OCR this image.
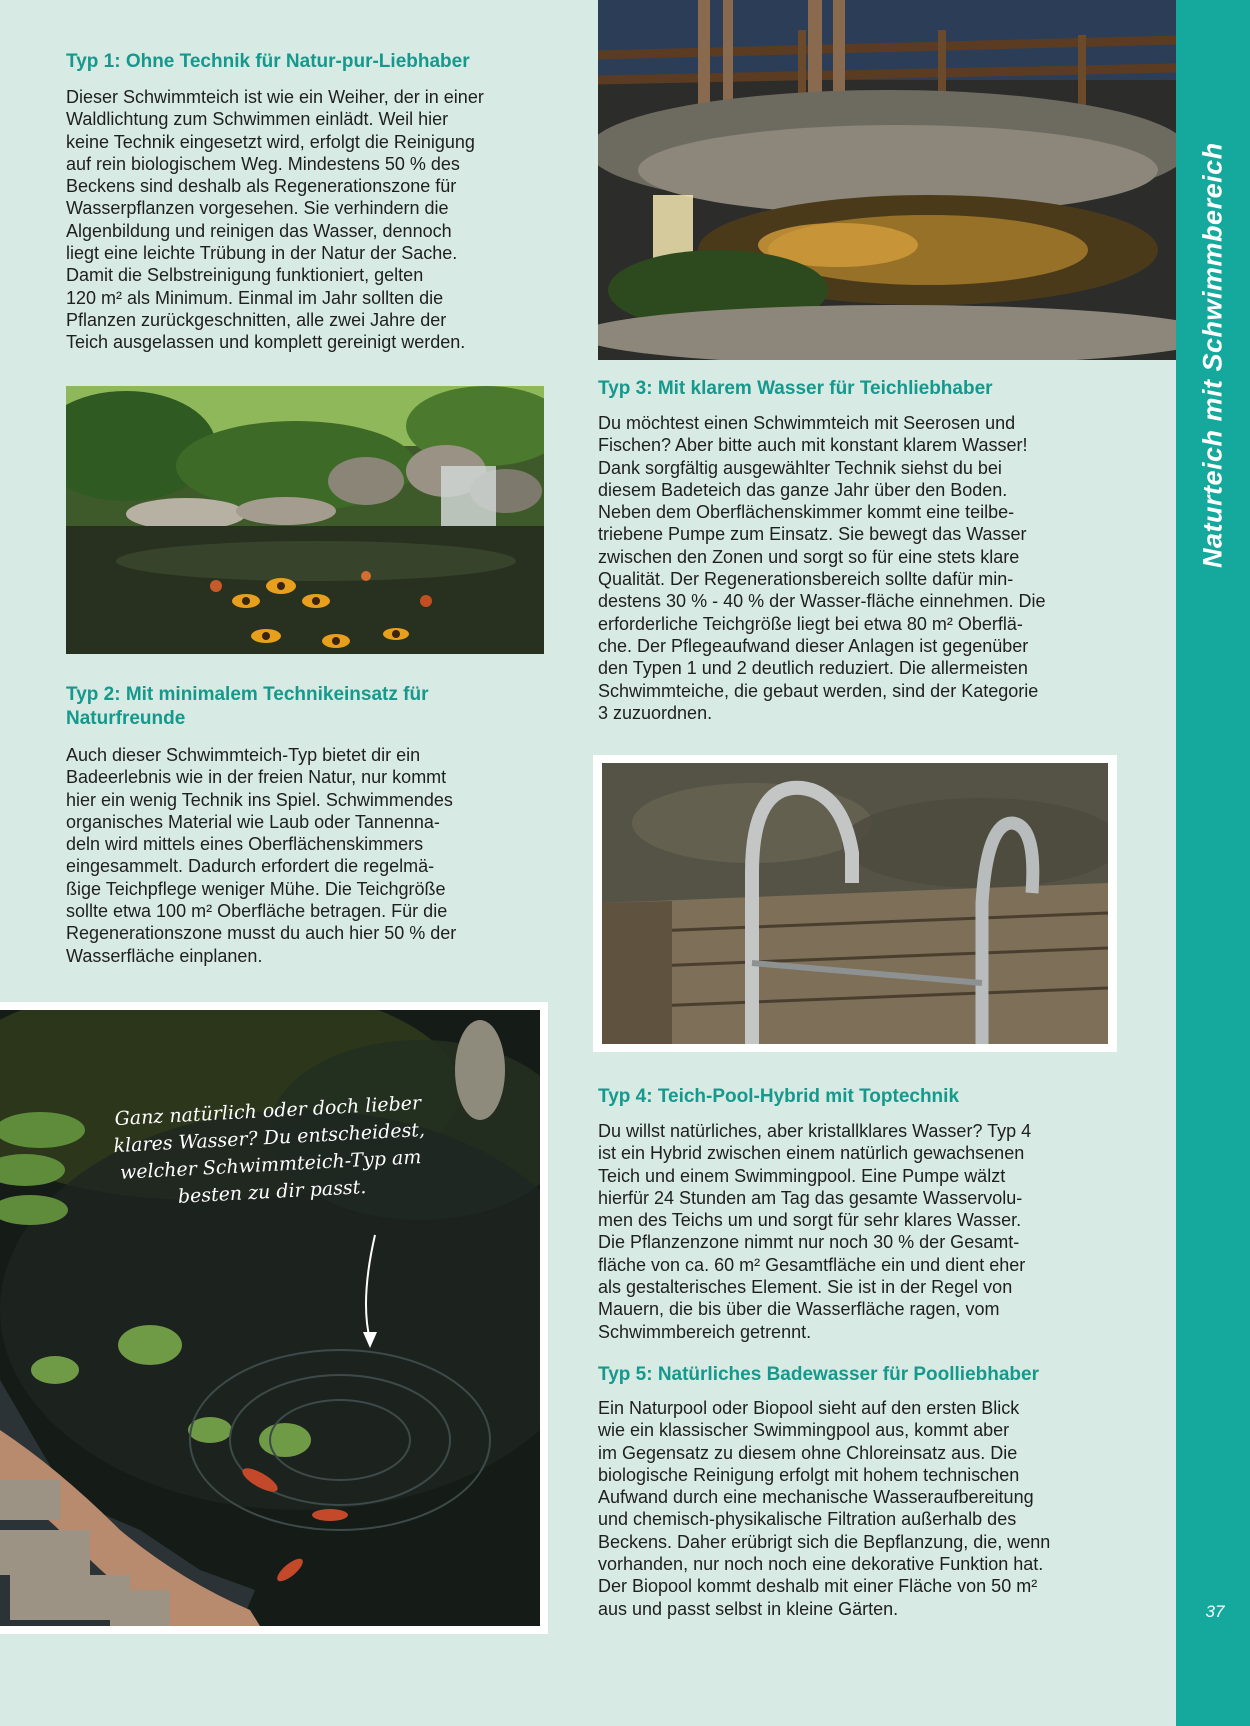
Typ 1: Ohne Technik für Natur-pur-Liebhaber

Dieser Schwimmteich ist wie ein Weiher, der in einer
Waldlichtung zum Schwimmen einlädt. Weil hier
keine Technik eingesetzt wird, erfolgt die Reinigung
auf rein biologischem Weg. Mindestens 50 % des
Beckens sind deshalb als Regenerationszone für
Wasserpflanzen vorgesehen. Sie verhindern die
Algenbildung und reinigen das Wasser, dennoch
liegt eine leichte Trübung in der Natur der Sache.
Damit die Selbstreinigung funktioniert, gelten
120 m² als Minimum. Einmal im Jahr sollten die
Pflanzen zurückgeschnitten, alle zwei Jahre der
Teich ausgelassen und komplett gereinigt werden.

Typ 2: Mit minimalem Technikeinsatz für
Naturfreunde

Auch dieser Schwimmteich-Typ bietet dir ein
Badeerlebnis wie in der freien Natur, nur kommt
hier ein wenig Technik ins Spiel. Schwimmendes
organisches Material wie Laub oder Tannenna-
deln wird mittels eines Oberflächenskimmers
eingesammelt. Dadurch erfordert die regelmä-
ßige Teichpflege weniger Mühe. Die Teichgröße
sollte etwa 100 m² Oberfläche betragen. Für die
Regenerationszone musst du auch hier 50 % der
Wasserfläche einplanen.

Typ 3: Mit klarem Wasser für Teichliebhaber

Du möchtest einen Schwimmteich mit Seerosen und
Fischen? Aber bitte auch mit konstant klarem Wasser!
Dank sorgfältig ausgewählter Technik siehst du bei
diesem Badeteich das ganze Jahr über den Boden.
Neben dem Oberflächenskimmer kommt eine teilbe-
triebene Pumpe zum Einsatz. Sie bewegt das Wasser
zwischen den Zonen und sorgt so für eine stets klare
Qualität. Der Regenerationsbereich sollte dafür min-
destens 30 % - 40 % der Wasser-fläche einnehmen. Die
erforderliche Teichgröße liegt bei etwa 80 m² Oberflä-
che. Der Pflegeaufwand dieser Anlagen ist gegenüber
den Typen 1 und 2 deutlich reduziert. Die allermeisten
Schwimmteiche, die gebaut werden, sind der Kategorie
3 zuzuordnen.

Typ 4: Teich-Pool-Hybrid mit Toptechnik

Du willst natürliches, aber kristallklares Wasser? Typ 4
ist ein Hybrid zwischen einem natürlich gewachsenen
Teich und einem Swimmingpool. Eine Pumpe wälzt
hierfür 24 Stunden am Tag das gesamte Wasservolu-
men des Teichs um und sorgt für sehr klares Wasser.
Die Pflanzenzone nimmt nur noch 30 % der Gesamt-
fläche von ca. 60 m² Gesamtfläche ein und dient eher
als gestalterisches Element. Sie ist in der Regel von
Mauern, die bis über die Wasserfläche ragen, vom
Schwimmbereich getrennt.

Typ 5: Natürliches Badewasser für Poolliebhaber

Ein Naturpool oder Biopool sieht auf den ersten Blick
wie ein klassischer Swimmingpool aus, kommt aber
im Gegensatz zu diesem ohne Chloreinsatz aus. Die
biologische Reinigung erfolgt mit hohem technischen
Aufwand durch eine mechanische Wasseraufbereitung
und chemisch-physikalische Filtration außerhalb des
Beckens. Daher erübrigt sich die Bepflanzung, die, wenn
vorhanden, nur noch noch eine dekorative Funktion hat.
Der Biopool kommt deshalb mit einer Fläche von 50 m²
aus und passt selbst in kleine Gärten.

Ganz natürlich oder doch lieber
klares Wasser? Du entscheidest,
welcher Schwimmteich-Typ am
besten zu dir passt.
Naturteich mit Schwimmbereich
37
